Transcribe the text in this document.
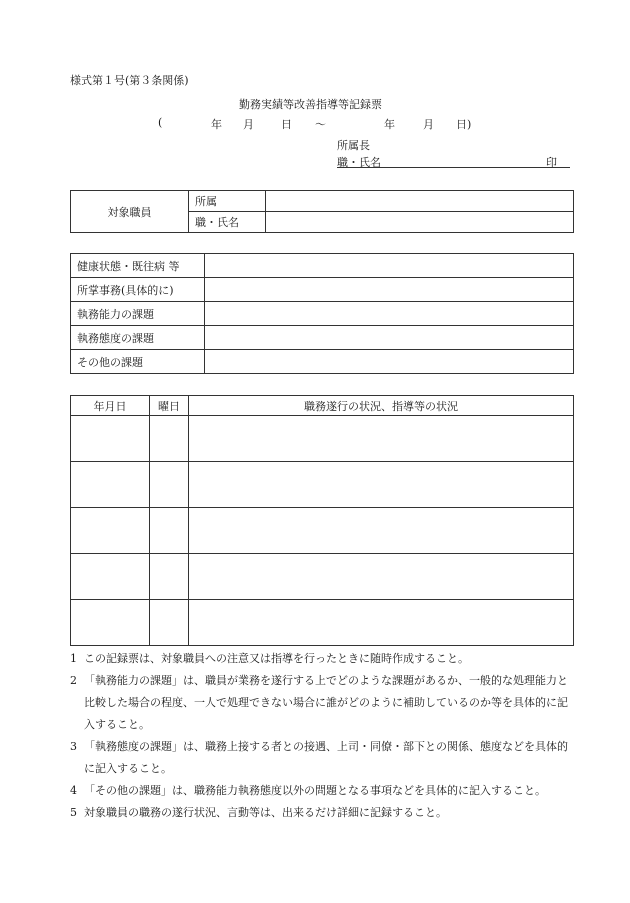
様式第１号(第３条関係)
勤務実績等改善指導等記録票
(	年 月 日 〜	年	月 日)
所属長
職・氏名	印
対象職員	所属	
	職・氏名	
健康状態・既往病 等	
所掌事務(具体的に)	
執務能力の課題	
執務態度の課題	
その他の課題	
年月日	曜日	職務遂行の状況、指導等の状況

1 この記録票は、対象職員への注意又は指導を行ったときに随時作成すること。
2 「執務能力の課題」は、職員が業務を遂行する上でどのような課題があるか、一般的な処理能力と比較した場合の程度、一人で処理できない場合に誰がどのように補助しているのか等を具体的に記入すること。
3 「執務態度の課題」は、職務上接する者との接遇、上司・同僚・部下との関係、態度などを具体的に記入すること。
4 「その他の課題」は、職務能力執務態度以外の問題となる事項などを具体的に記入すること。
5 対象職員の職務の遂行状況、言動等は、出来るだけ詳細に記録すること。
